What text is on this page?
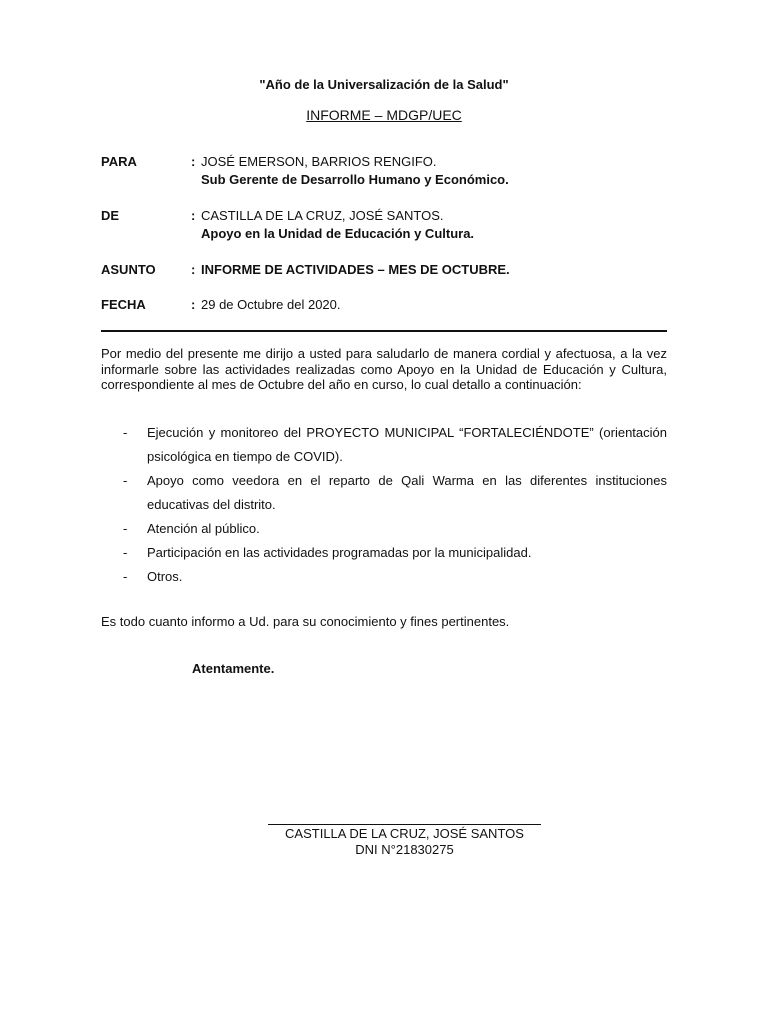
"Año de la Universalización de la Salud"
INFORME – MDGP/UEC
PARA	: JOSÉ EMERSON, BARRIOS RENGIFO.
Sub Gerente de Desarrollo Humano y Económico.
DE	: CASTILLA DE LA CRUZ, JOSÉ SANTOS.
Apoyo en la Unidad de Educación y Cultura.
ASUNTO	: INFORME DE ACTIVIDADES – MES DE OCTUBRE.
FECHA	: 29 de Octubre del 2020.

Por medio del presente me dirijo a usted para saludarlo de manera cordial y afectuosa, a la vez informarle sobre las actividades realizadas como Apoyo en la Unidad de Educación y Cultura, correspondiente al mes de Octubre del año en curso, lo cual detallo a continuación:

- Ejecución y monitoreo del PROYECTO MUNICIPAL “FORTALECIÉNDOTE” (orientación psicológica en tiempo de COVID).
- Apoyo como veedora en el reparto de Qali Warma en las diferentes instituciones educativas del distrito.
- Atención al público.
- Participación en las actividades programadas por la municipalidad.
- Otros.
Es todo cuanto informo a Ud. para su conocimiento y fines pertinentes.
Atentamente.
CASTILLA DE LA CRUZ, JOSÉ SANTOS
DNI N°21830275
